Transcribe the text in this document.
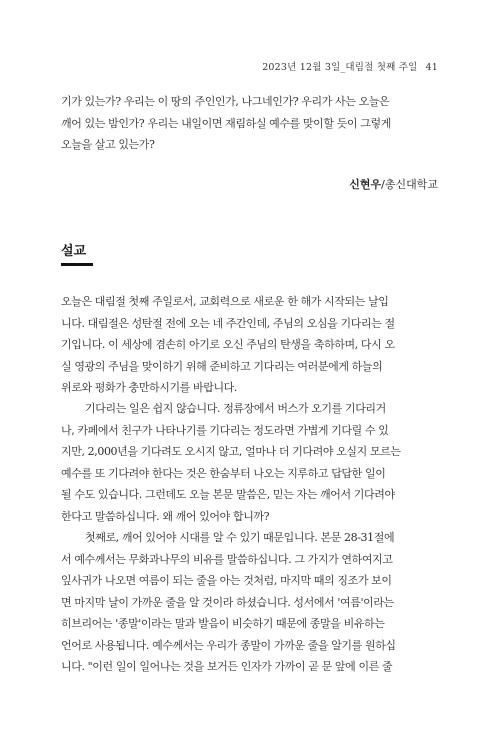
2023년 12월 3일_대림절 첫째 주일 41
기가 있는가? 우리는 이 땅의 주인인가, 나그네인가? 우리가 사는 오늘은
깨어 있는 밤인가? 우리는 내일이면 재림하실 예수를 맞이할 듯이 그렇게
오늘을 살고 있는가?
신현우/총신대학교
설교
오늘은 대림절 첫째 주일로서, 교회력으로 새로운 한 해가 시작되는 날입
니다. 대림절은 성탄절 전에 오는 네 주간인데, 주님의 오심을 기다리는 절
기입니다. 이 세상에 겸손히 아기로 오신 주님의 탄생을 축하하며, 다시 오
실 영광의 주님을 맞이하기 위해 준비하고 기다리는 여러분에게 하늘의
위로와 평화가 충만하시기를 바랍니다.
기다리는 일은 쉽지 않습니다. 정류장에서 버스가 오기를 기다리거
나, 카페에서 친구가 나타나기를 기다리는 정도라면 가볍게 기다릴 수 있
지만, 2,000년을 기다려도 오시지 않고, 얼마나 더 기다려야 오실지 모르는
예수를 또 기다려야 한다는 것은 한숨부터 나오는 지루하고 답답한 일이
될 수도 있습니다. 그런데도 오늘 본문 말씀은, 믿는 자는 깨어서 기다려야
한다고 말씀하십니다. 왜 깨어 있어야 합니까?
첫째로, 깨어 있어야 시대를 알 수 있기 때문입니다. 본문 28-31절에
서 예수께서는 무화과나무의 비유를 말씀하십니다. 그 가지가 연하여지고
잎사귀가 나오면 여름이 되는 줄을 아는 것처럼, 마지막 때의 징조가 보이
면 마지막 날이 가까운 줄을 알 것이라 하셨습니다. 성서에서 '여름'이라는
히브리어는 '종말'이라는 말과 발음이 비슷하기 때문에 종말을 비유하는
언어로 사용됩니다. 예수께서는 우리가 종말이 가까운 줄을 알기를 원하십
니다. "이런 일이 일어나는 것을 보거든 인자가 가까이 곧 문 앞에 이른 줄
